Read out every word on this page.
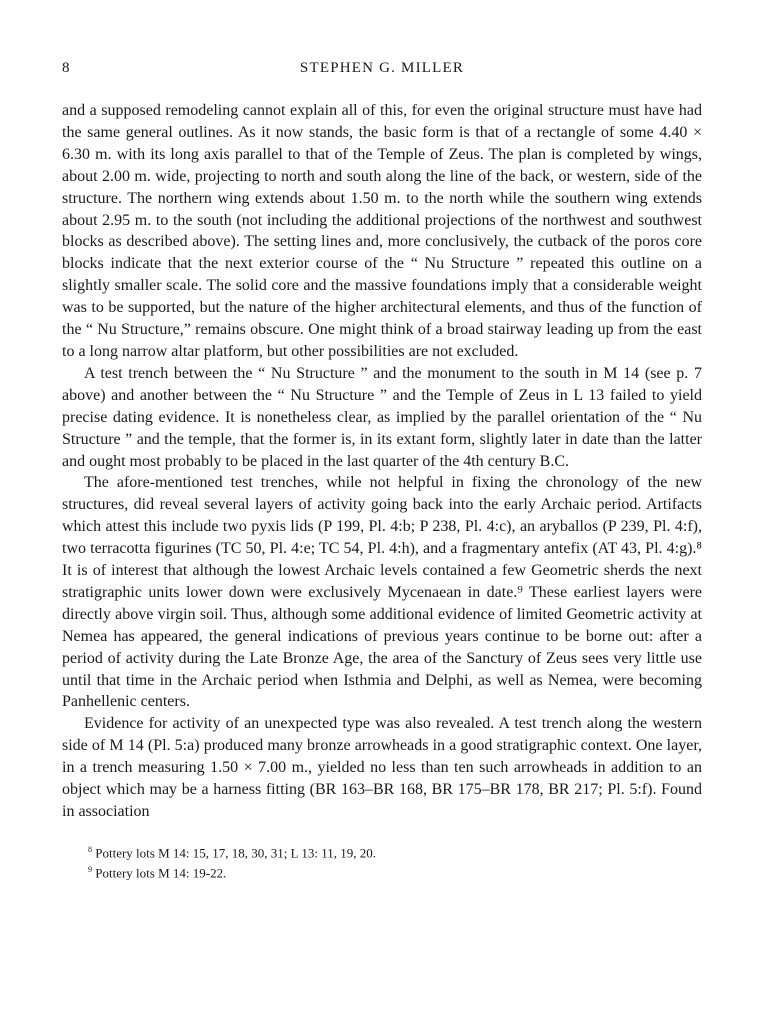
8	STEPHEN G. MILLER

and a supposed remodeling cannot explain all of this, for even the original structure must have had the same general outlines. As it now stands, the basic form is that of a rectangle of some 4.40 × 6.30 m. with its long axis parallel to that of the Temple of Zeus. The plan is completed by wings, about 2.00 m. wide, projecting to north and south along the line of the back, or western, side of the structure. The northern wing extends about 1.50 m. to the north while the southern wing extends about 2.95 m. to the south (not including the additional projections of the northwest and southwest blocks as described above). The setting lines and, more conclusively, the cutback of the poros core blocks indicate that the next exterior course of the “ Nu Structure ” repeated this outline on a slightly smaller scale. The solid core and the massive foundations imply that a considerable weight was to be supported, but the nature of the higher architectural elements, and thus of the function of the “ Nu Structure,” remains obscure. One might think of a broad stairway leading up from the east to a long narrow altar platform, but other possibilities are not excluded.

A test trench between the “ Nu Structure ” and the monument to the south in M 14 (see p. 7 above) and another between the “ Nu Structure ” and the Temple of Zeus in L 13 failed to yield precise dating evidence. It is nonetheless clear, as implied by the parallel orientation of the “ Nu Structure ” and the temple, that the former is, in its extant form, slightly later in date than the latter and ought most probably to be placed in the last quarter of the 4th century B.C.

The afore-mentioned test trenches, while not helpful in fixing the chronology of the new structures, did reveal several layers of activity going back into the early Archaic period. Artifacts which attest this include two pyxis lids (P 199, Pl. 4:b; P 238, Pl. 4:c), an aryballos (P 239, Pl. 4:f), two terracotta figurines (TC 50, Pl. 4:e; TC 54, Pl. 4:h), and a fragmentary antefix (AT 43, Pl. 4:g).⁸ It is of interest that although the lowest Archaic levels contained a few Geometric sherds the next stratigraphic units lower down were exclusively Mycenaean in date.⁹ These earliest layers were directly above virgin soil. Thus, although some additional evidence of limited Geometric activity at Nemea has appeared, the general indications of previous years continue to be borne out: after a period of activity during the Late Bronze Age, the area of the Sanctury of Zeus sees very little use until that time in the Archaic period when Isthmia and Delphi, as well as Nemea, were becoming Panhellenic centers.

Evidence for activity of an unexpected type was also revealed. A test trench along the western side of M 14 (Pl. 5:a) produced many bronze arrowheads in a good stratigraphic context. One layer, in a trench measuring 1.50 × 7.00 m., yielded no less than ten such arrowheads in addition to an object which may be a harness fitting (BR 163–BR 168, BR 175–BR 178, BR 217; Pl. 5:f). Found in association

$^8$ Pottery lots M 14: 15, 17, 18, 30, 31; L 13: 11, 19, 20.

$^9$ Pottery lots M 14: 19-22.
